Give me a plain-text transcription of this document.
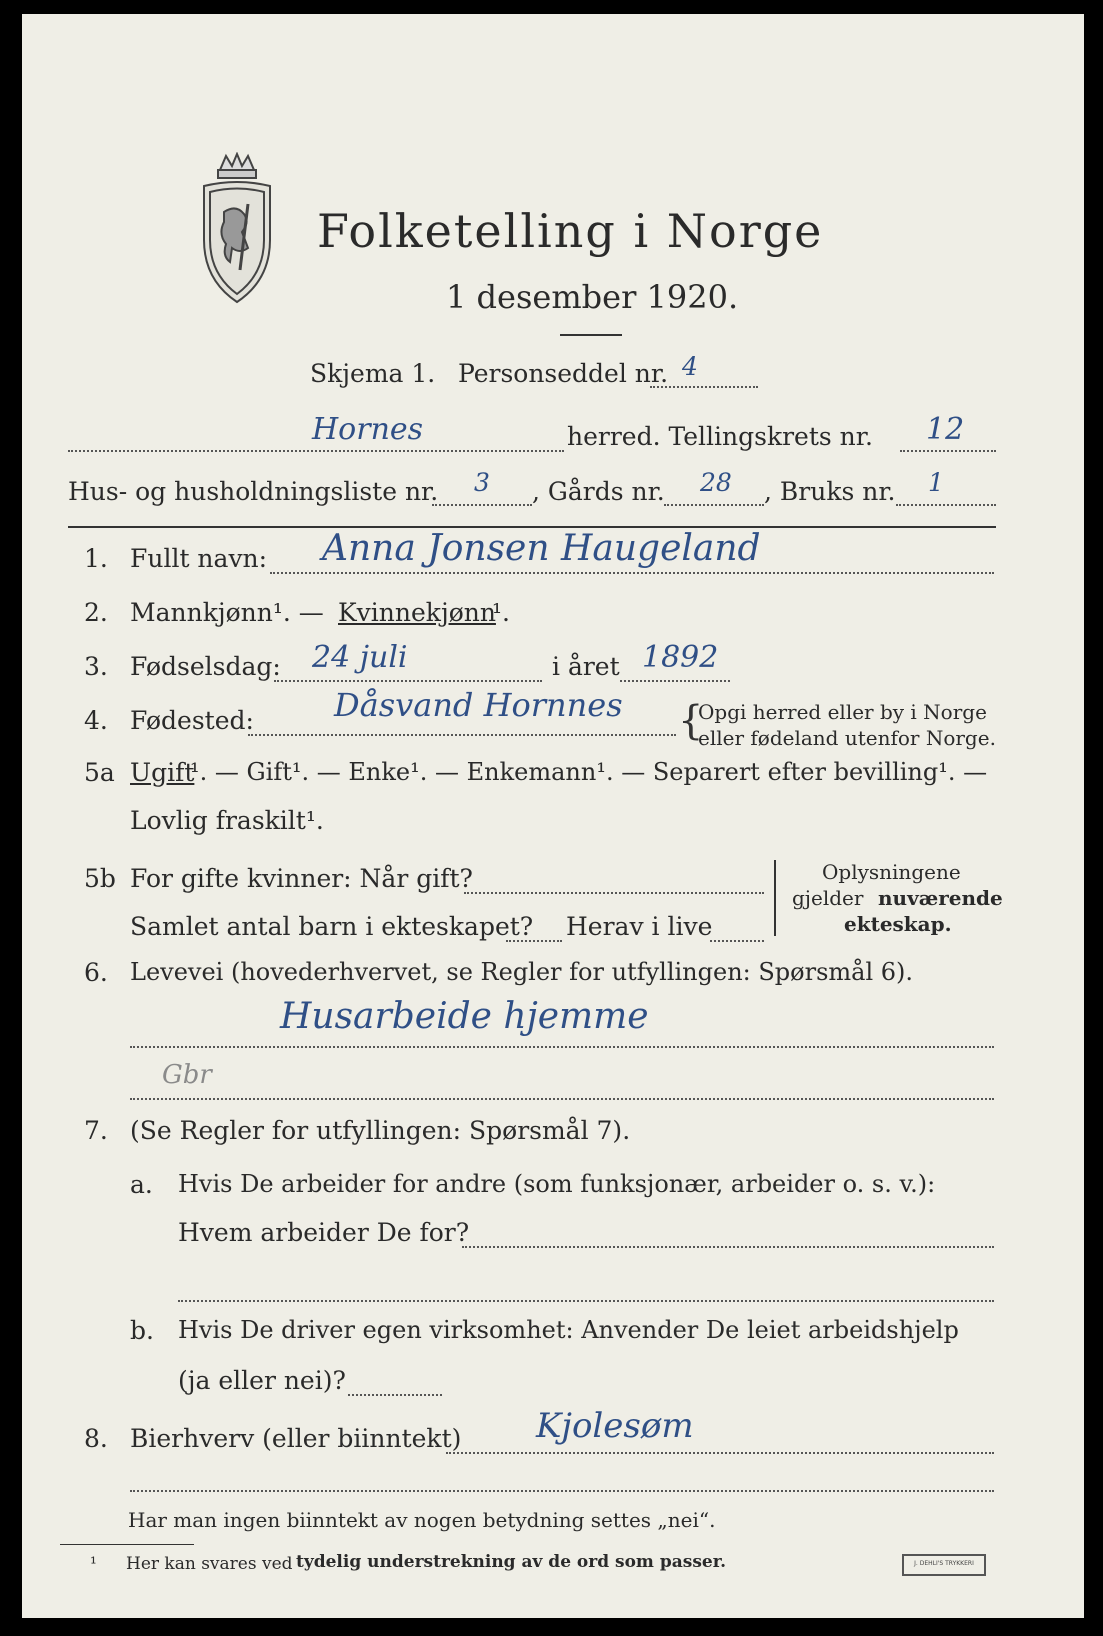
Folketelling i Norge
1 desember 1920.
Skjema 1. Personseddel nr. 4
Hornes	herred. Tellingskrets nr. 12
Hus- og husholdningsliste nr. 3 , Gårds nr. 28 , Bruks nr. 1
1. Fullt navn: Anna Jonsen Haugeland
2. Mannkjønn¹. — Kvinnekjønn
¹.
3. Fødselsdag: 24 juli	i året 1892
4. Fødested:	Dåsvand Hornnes {
Opgi herred eller by i Norge
eller fødeland utenfor Norge.
5a Ugift
¹. — Gift¹. — Enke¹. — Enkemann¹. — Separert efter bevilling¹. —
Lovlig fraskilt¹.
5b For gifte kvinner: Når gift?
Samlet antal barn i ekteskapet? Herav i live
Oplysningene
gjelder nuværende
ekteskap.
6. Levevei (hovederhvervet, se Regler for utfyllingen: Spørsmål 6).
Husarbeide hjemme
Gbr
7. (Se Regler for utfyllingen: Spørsmål 7).
a. Hvis De arbeider for andre (som funksjonær, arbeider o. s. v.):
Hvem arbeider De for?
b. Hvis De driver egen virksomhet: Anvender De leiet arbeidshjelp
(ja eller nei)?
8. Bierhverv (eller biinntekt) Kjolesøm
Har man ingen biinntekt av nogen betydning settes „nei“.
¹ Her kan svares ved tydelig understrekning av de ord som passer.	J. DEHLI'S TRYKKERI
